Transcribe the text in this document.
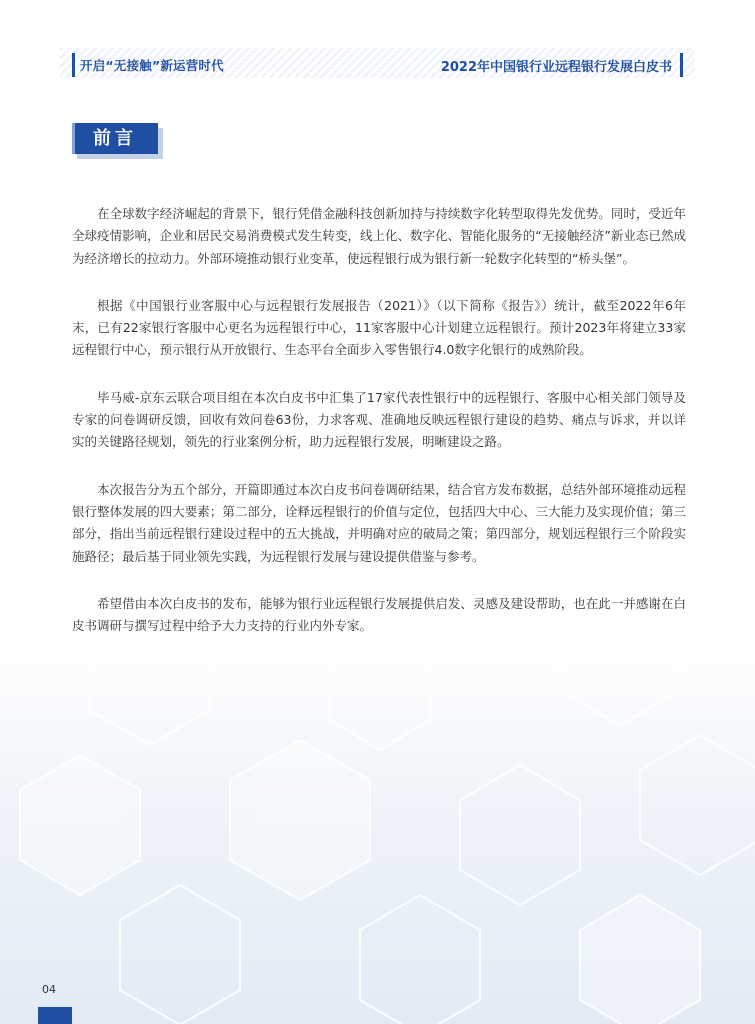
开启“无接触”新运营时代	2022年中国银行业远程银行发展白皮书
前言

在全球数字经济崛起的背景下，银行凭借金融科技创新加持与持续数字化转型取得先发优势。同时，受近年全球疫情影响，企业和居民交易消费模式发生转变，线上化、数字化、智能化服务的“无接触经济”新业态已然成为经济增长的拉动力。外部环境推动银行业变革，使远程银行成为银行新一轮数字化转型的“桥头堡”。

根据《中国银行业客服中心与远程银行发展报告（2021）》（以下简称《报告》）统计，截至2022年6年末，已有22家银行客服中心更名为远程银行中心，11家客服中心计划建立远程银行。预计2023年将建立33家远程银行中心，预示银行从开放银行、生态平台全面步入零售银行4.0数字化银行的成熟阶段。

毕马威-京东云联合项目组在本次白皮书中汇集了17家代表性银行中的远程银行、客服中心相关部门领导及专家的问卷调研反馈，回收有效问卷63份，力求客观、准确地反映远程银行建设的趋势、痛点与诉求，并以详实的关键路径规划，领先的行业案例分析，助力远程银行发展，明晰建设之路。

本次报告分为五个部分，开篇即通过本次白皮书问卷调研结果，结合官方发布数据，总结外部环境推动远程银行整体发展的四大要素；第二部分，诠释远程银行的价值与定位，包括四大中心、三大能力及实现价值；第三部分，指出当前远程银行建设过程中的五大挑战，并明确对应的破局之策；第四部分，规划远程银行三个阶段实施路径；最后基于同业领先实践，为远程银行发展与建设提供借鉴与参考。

希望借由本次白皮书的发布，能够为银行业远程银行发展提供启发、灵感及建设帮助，也在此一并感谢在白皮书调研与撰写过程中给予大力支持的行业内外专家。

04
